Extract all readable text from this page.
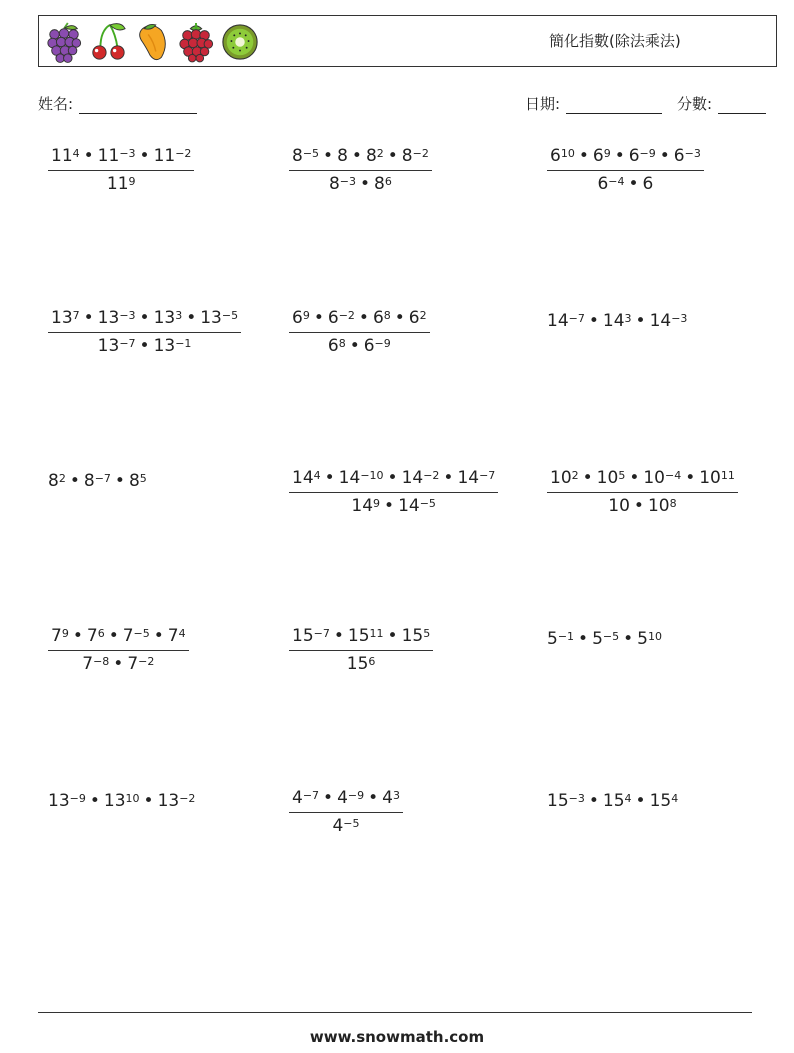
簡化指數(除法乘法)
姓名:	日期:	分數:
$\frac{11^4 • 11^{-3} • 11^{-2}}{11^9}$	$\frac{8^{-5} • 8 • 8^2 • 8^{-2}}{8^{-3} • 8^6}$	$\frac{6^{10} • 6^9 • 6^{-9} • 6^{-3}}{6^{-4} • 6}$
$\frac{13^7 • 13^{-3} • 13^3 • 13^{-5}}{13^{-7} • 13^{-1}}$	$\frac{6^9 • 6^{-2} • 6^8 • 6^2}{6^8 • 6^{-9}}$	$14^{-7}$ • $14^3$ • $14^{-3}$
$8^2$ • $8^{-7}$ • $8^5$	$\frac{14^4 • 14^{-10} • 14^{-2} • 14^{-7}}{14^9 • 14^{-5}}$	$\frac{10^2 • 10^5 • 10^{-4} • 10^{11}}{10 • 10^8}$
$\frac{7^9 • 7^6 • 7^{-5} • 7^4}{7^{-8} • 7^{-2}}$	$\frac{15^{-7} • 15^{11} • 15^5}{15^6}$	$5^{-1}$ • $5^{-5}$ • $5^{10}$
$13^{-9}$ • $13^{10}$ • $13^{-2}$	$\frac{4^{-7} • 4^{-9} • 4^3}{4^{-5}}$	$15^{-3}$ • $15^4$ • $15^4$
www.snowmath.com
